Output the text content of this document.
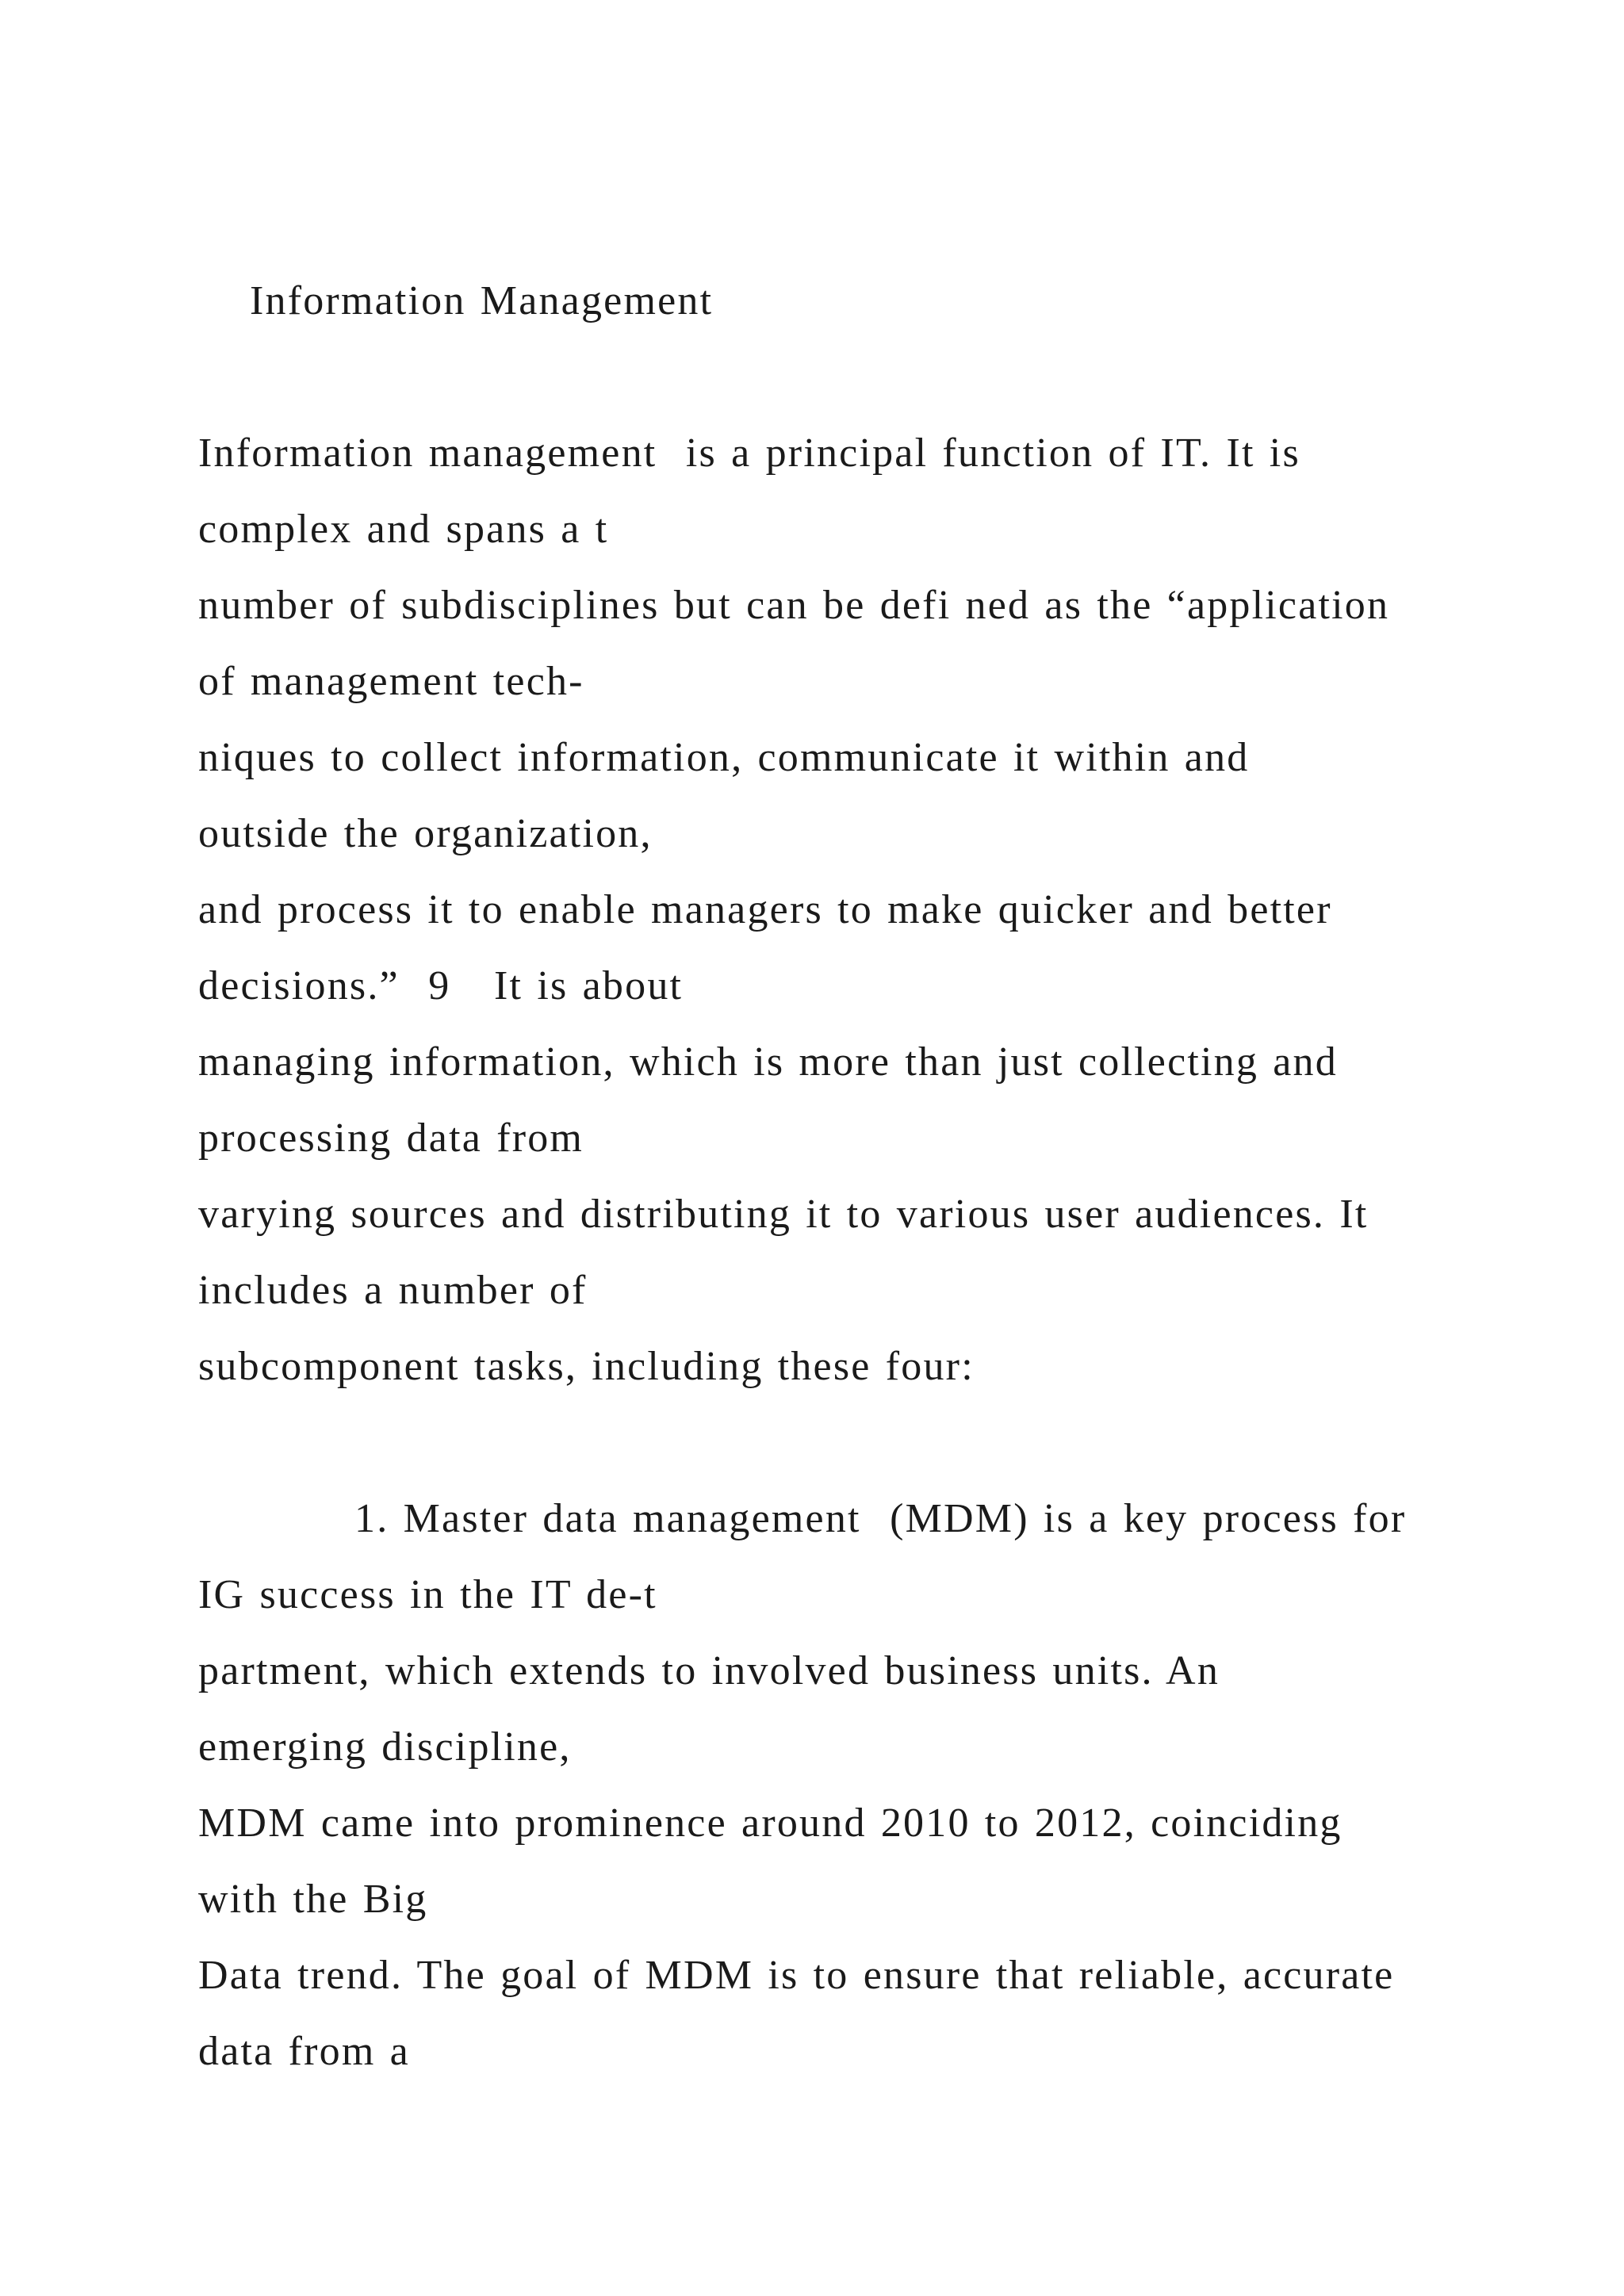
Information Management
Information management  is a principal function of IT. It is
complex and spans a t
number of subdisciplines but can be defi ned as the “application
of management tech-
niques to collect information, communicate it within and
outside the organization,
and process it to enable managers to make quicker and better
decisions.”  9   It is about
managing information, which is more than just collecting and
processing data from
varying sources and distributing it to various user audiences. It
includes a number of
subcomponent tasks, including these four:
1. Master data management  (MDM) is a key process for
IG success in the IT de-t
partment, which extends to involved business units. An
emerging discipline,
MDM came into prominence around 2010 to 2012, coinciding
with the Big
Data trend. The goal of MDM is to ensure that reliable, accurate
data from a
